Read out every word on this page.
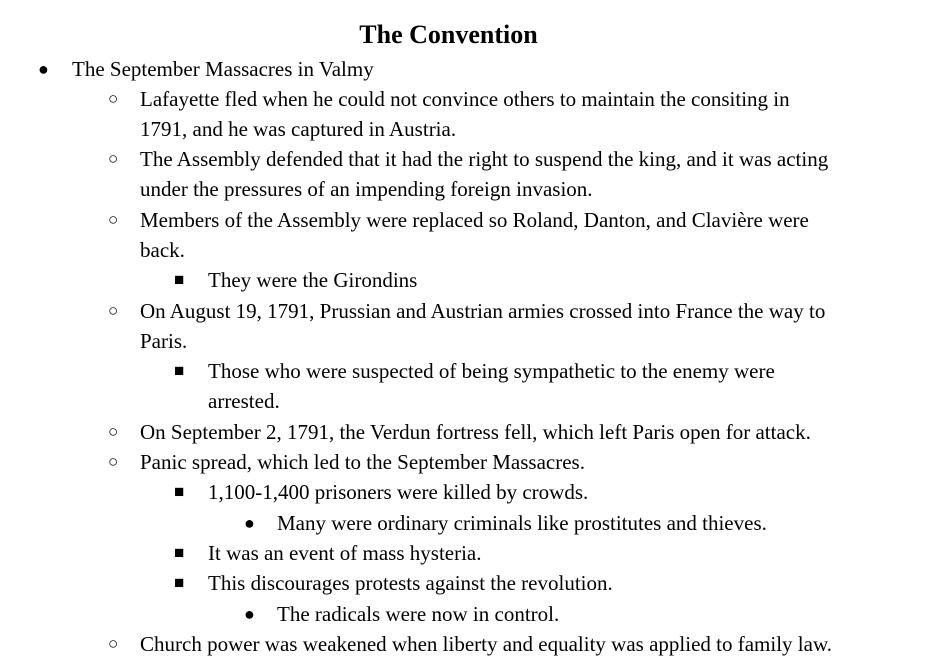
The Convention
● The September Massacres in Valmy
○ Lafayette fled when he could not convince others to maintain the consiting in
1791, and he was captured in Austria.
○ The Assembly defended that it had the right to suspend the king, and it was acting
under the pressures of an impending foreign invasion.
○ Members of the Assembly were replaced so Roland, Danton, and Clavière were
back.
■ They were the Girondins
○ On August 19, 1791, Prussian and Austrian armies crossed into France the way to
Paris.
■ Those who were suspected of being sympathetic to the enemy were
arrested.
○ On September 2, 1791, the Verdun fortress fell, which left Paris open for attack.
○ Panic spread, which led to the September Massacres.
■ 1,100-1,400 prisoners were killed by crowds.
● Many were ordinary criminals like prostitutes and thieves.
■ It was an event of mass hysteria.
■ This discourages protests against the revolution.
● The radicals were now in control.
○ Church power was weakened when liberty and equality was applied to family law.
